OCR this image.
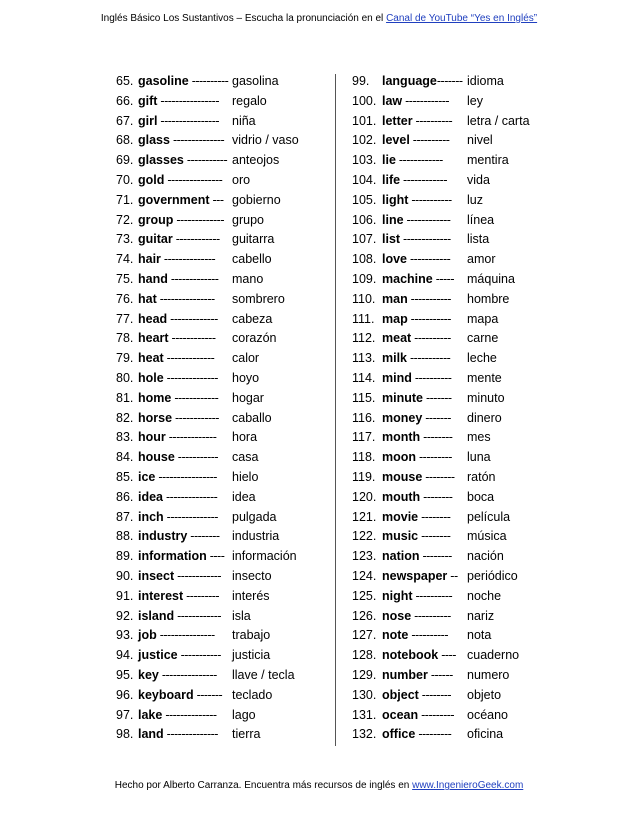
Inglés Básico Los Sustantivos – Escucha la pronunciación en el Canal de YouTube “Yes en Inglés”
65. gasoline ---------- gasolina
66. gift ---------------- regalo
67. girl ---------------- niña
68. glass -------------- vidrio / vaso
69. glasses ----------- anteojos
70. gold --------------- oro
71. government --- gobierno
72. group ------------- grupo
73. guitar ------------ guitarra
74. hair -------------- cabello
75. hand ------------- mano
76. hat --------------- sombrero
77. head ------------- cabeza
78. heart ------------ corazón
79. heat ------------- calor
80. hole -------------- hoyo
81. home ------------ hogar
82. horse ------------ caballo
83. hour ------------- hora
84. house ----------- casa
85. ice ---------------- hielo
86. idea -------------- idea
87. inch -------------- pulgada
88. industry -------- industria
89. information ---- información
90. insect ------------ insecto
91. interest --------- interés
92. island ------------ isla
93. job --------------- trabajo
94. justice ----------- justicia
95. key --------------- llave / tecla
96. keyboard ------- teclado
97. lake -------------- lago
98. land -------------- tierra
99. language------- idioma
100. law ------------ ley
101. letter ---------- letra / carta
102. level ---------- nivel
103. lie ------------ mentira
104. life ------------ vida
105. light ----------- luz
106. line ------------ línea
107. list ------------- lista
108. love ----------- amor
109. machine ----- máquina
110. man ----------- hombre
111. map ----------- mapa
112. meat ---------- carne
113. milk ----------- leche
114. mind ---------- mente
115. minute ------- minuto
116. money ------- dinero
117. month -------- mes
118. moon --------- luna
119. mouse -------- ratón
120. mouth -------- boca
121. movie -------- película
122. music -------- música
123. nation -------- nación
124. newspaper -- periódico
125. night ---------- noche
126. nose ---------- nariz
127. note ---------- nota
128. notebook ---- cuaderno
129. number ------ numero
130. object -------- objeto
131. ocean --------- océano
132. office --------- oficina
Hecho por Alberto Carranza. Encuentra más recursos de inglés en www.IngenieroGeek.com
